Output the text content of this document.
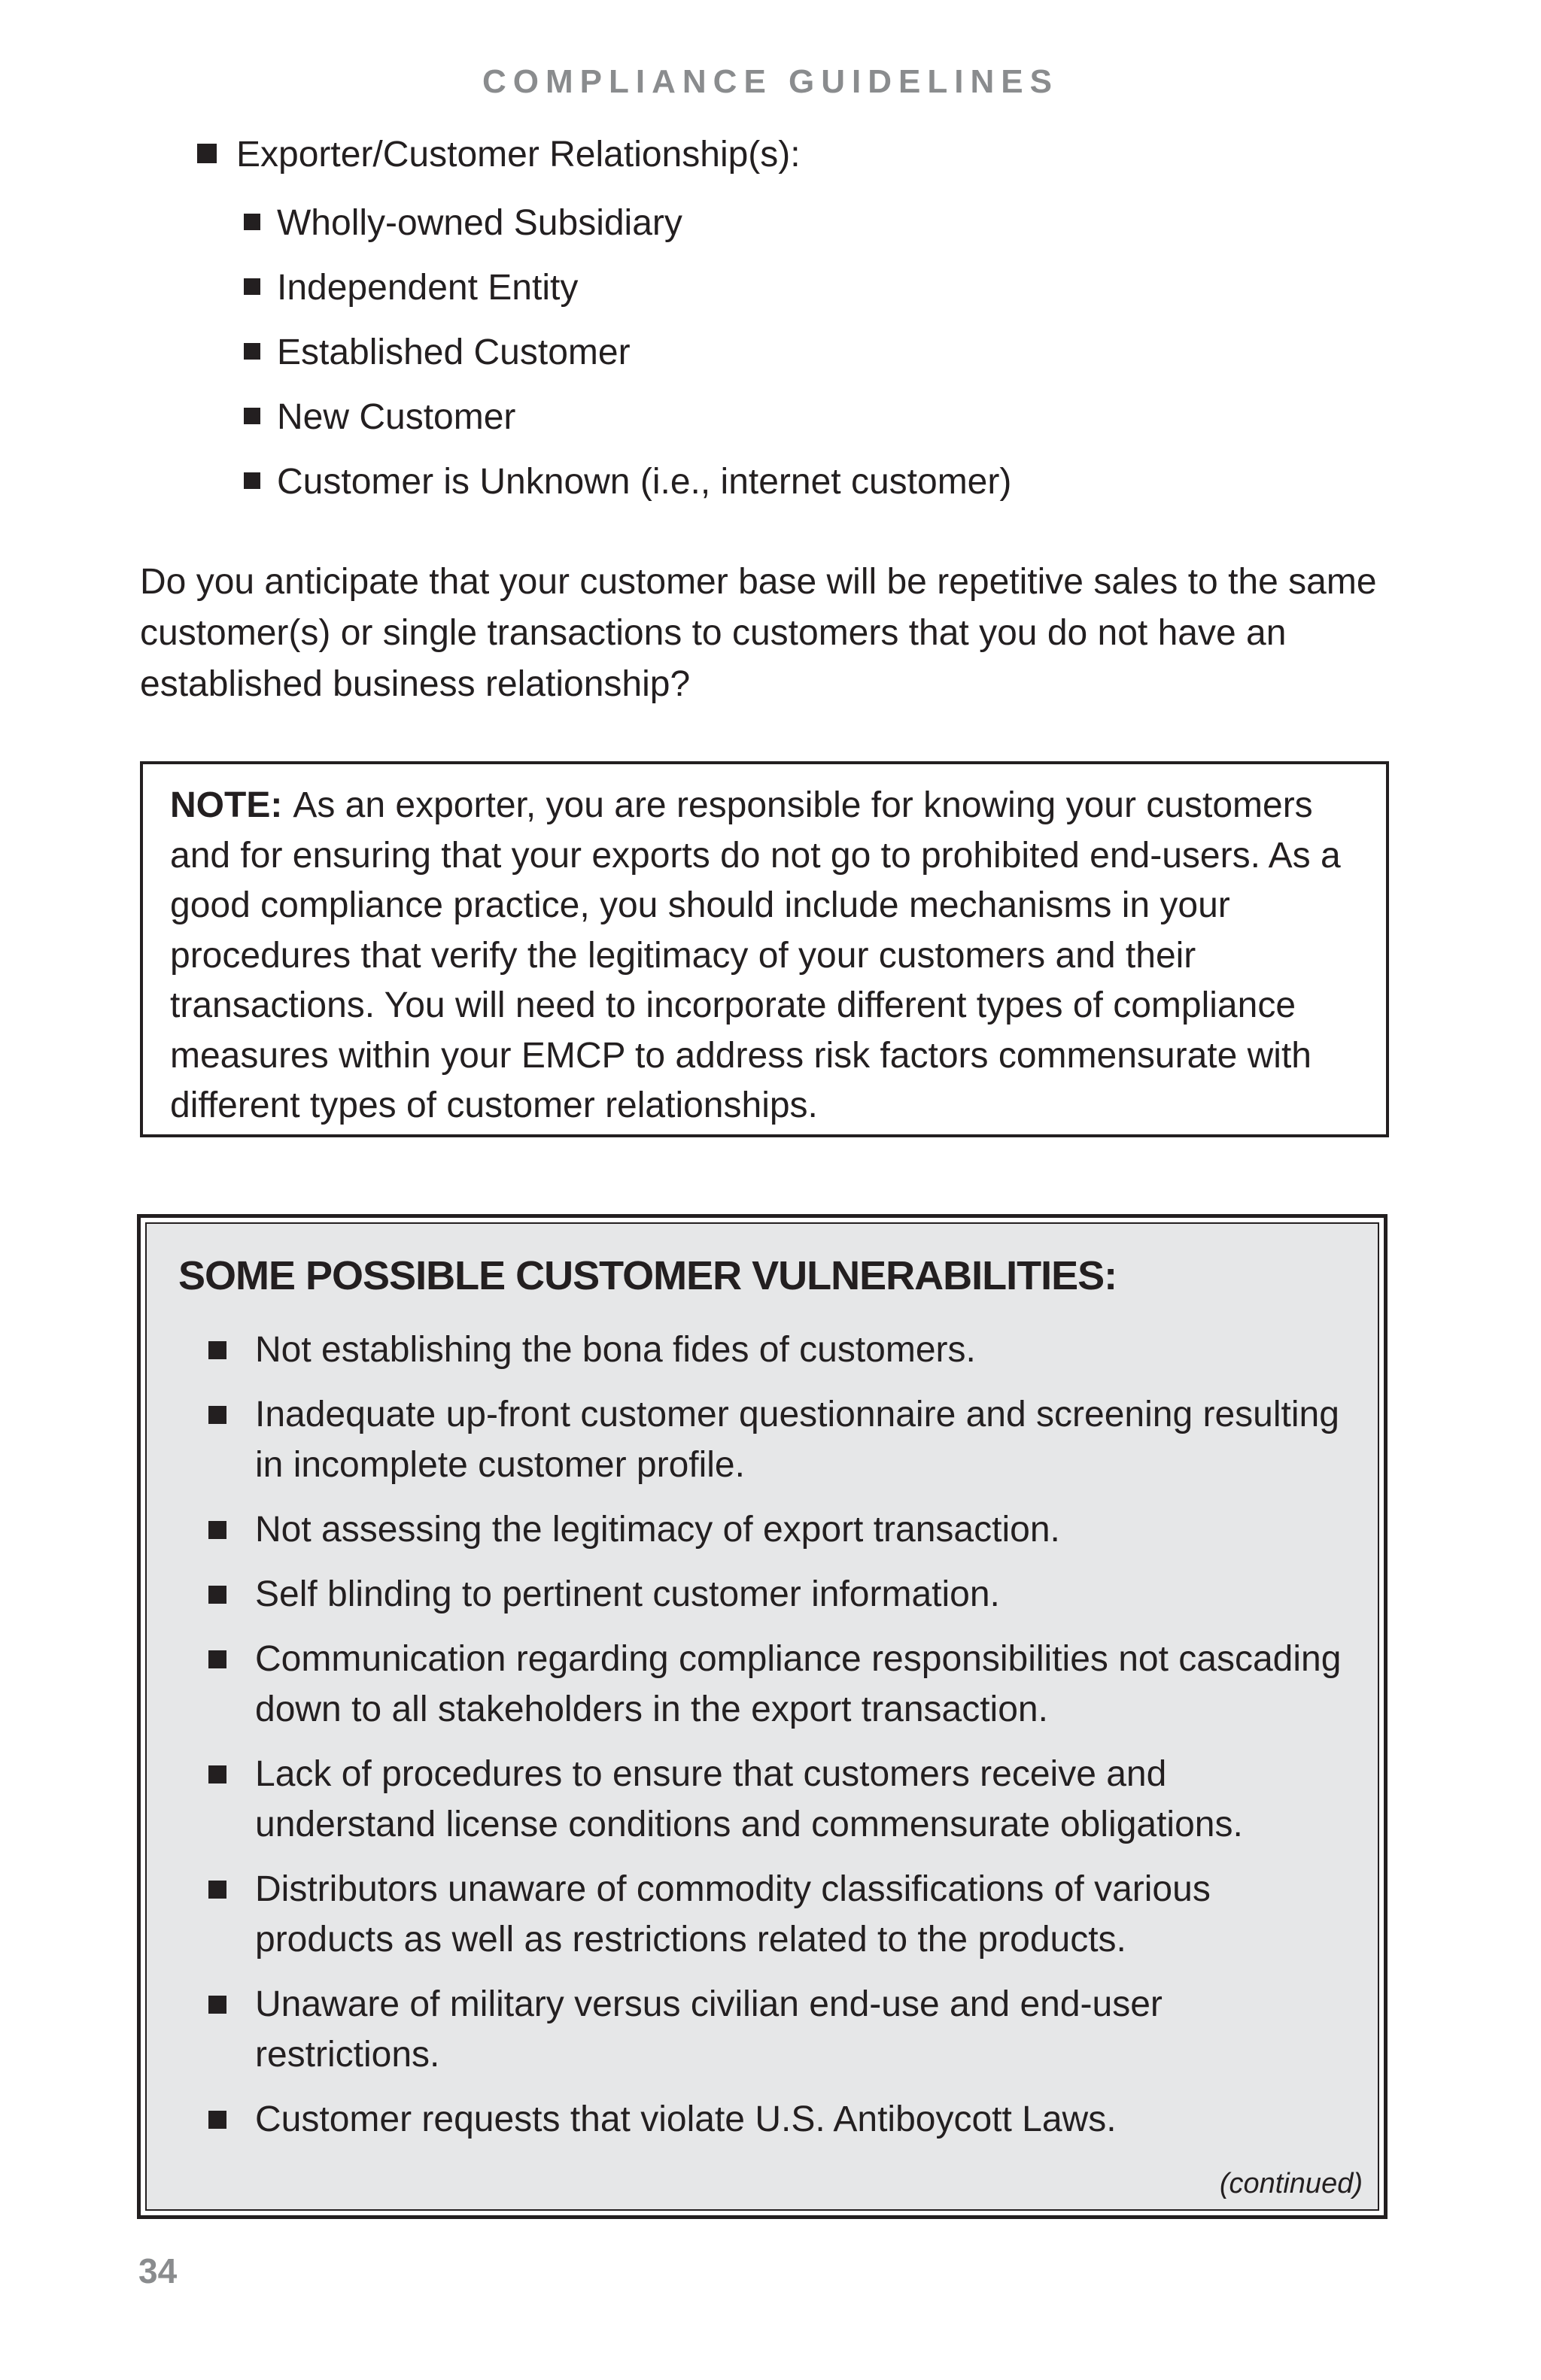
COMPLIANCE GUIDELINES
Exporter/Customer Relationship(s):
Wholly-owned Subsidiary
Independent Entity
Established Customer
New Customer
Customer is Unknown (i.e., internet customer)

Do you anticipate that your customer base will be repetitive sales to the same customer(s) or single transactions to customers that you do not have an established business relationship?

NOTE: As an exporter, you are responsible for knowing your customers and for ensuring that your exports do not go to prohibited end-users. As a good compliance practice, you should include mechanisms in your procedures that verify the legitimacy of your customers and their transactions. You will need to incorporate different types of compliance measures within your EMCP to address risk factors commensurate with different types of customer relationships.

SOME POSSIBLE CUSTOMER VULNERABILITIES:
Not establishing the bona fides of customers.
Inadequate up-front customer questionnaire and screening resulting in incomplete customer profile.
Not assessing the legitimacy of export transaction.
Self blinding to pertinent customer information.
Communication regarding compliance responsibilities not cascading down to all stakeholders in the export transaction.
Lack of procedures to ensure that customers receive and understand license conditions and commensurate obligations.
Distributors unaware of commodity classifications of various products as well as restrictions related to the products.
Unaware of military versus civilian end-use and end-user restrictions.
Customer requests that violate U.S. Antiboycott Laws.
(continued)
34
